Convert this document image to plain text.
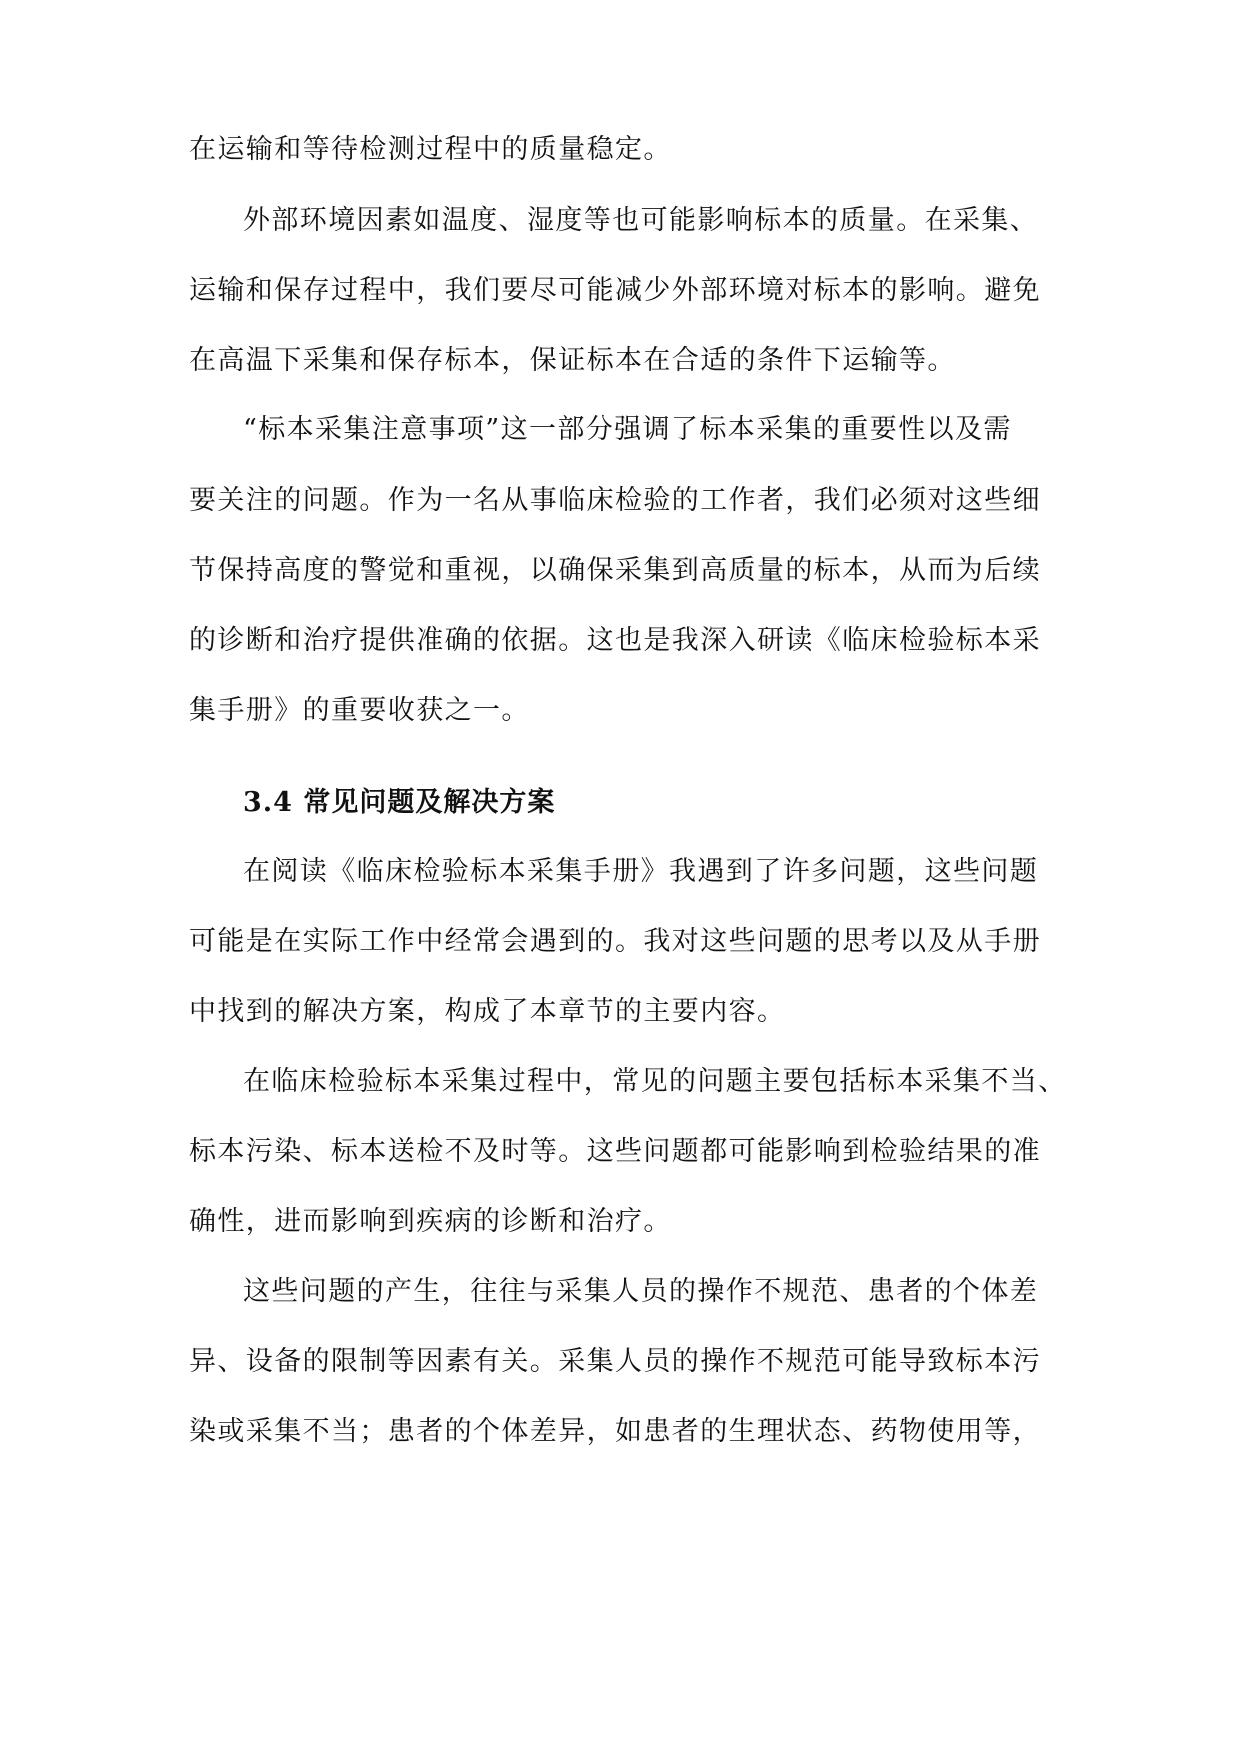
在运输和等待检测过程中的质量稳定。
外部环境因素如温度、湿度等也可能影响标本的质量。在采集、
运输和保存过程中，我们要尽可能减少外部环境对标本的影响。避免
在高温下采集和保存标本，保证标本在合适的条件下运输等。
“标本采集注意事项”这一部分强调了标本采集的重要性以及需
要关注的问题。作为一名从事临床检验的工作者，我们必须对这些细
节保持高度的警觉和重视，以确保采集到高质量的标本，从而为后续
的诊断和治疗提供准确的依据。这也是我深入研读《临床检验标本采
集手册》的重要收获之一。
3.4 常见问题及解决方案
在阅读《临床检验标本采集手册》我遇到了许多问题，这些问题
可能是在实际工作中经常会遇到的。我对这些问题的思考以及从手册
中找到的解决方案，构成了本章节的主要内容。
在临床检验标本采集过程中，常见的问题主要包括标本采集不当、
标本污染、标本送检不及时等。这些问题都可能影响到检验结果的准
确性，进而影响到疾病的诊断和治疗。
这些问题的产生，往往与采集人员的操作不规范、患者的个体差
异、设备的限制等因素有关。采集人员的操作不规范可能导致标本污
染或采集不当；患者的个体差异，如患者的生理状态、药物使用等，
